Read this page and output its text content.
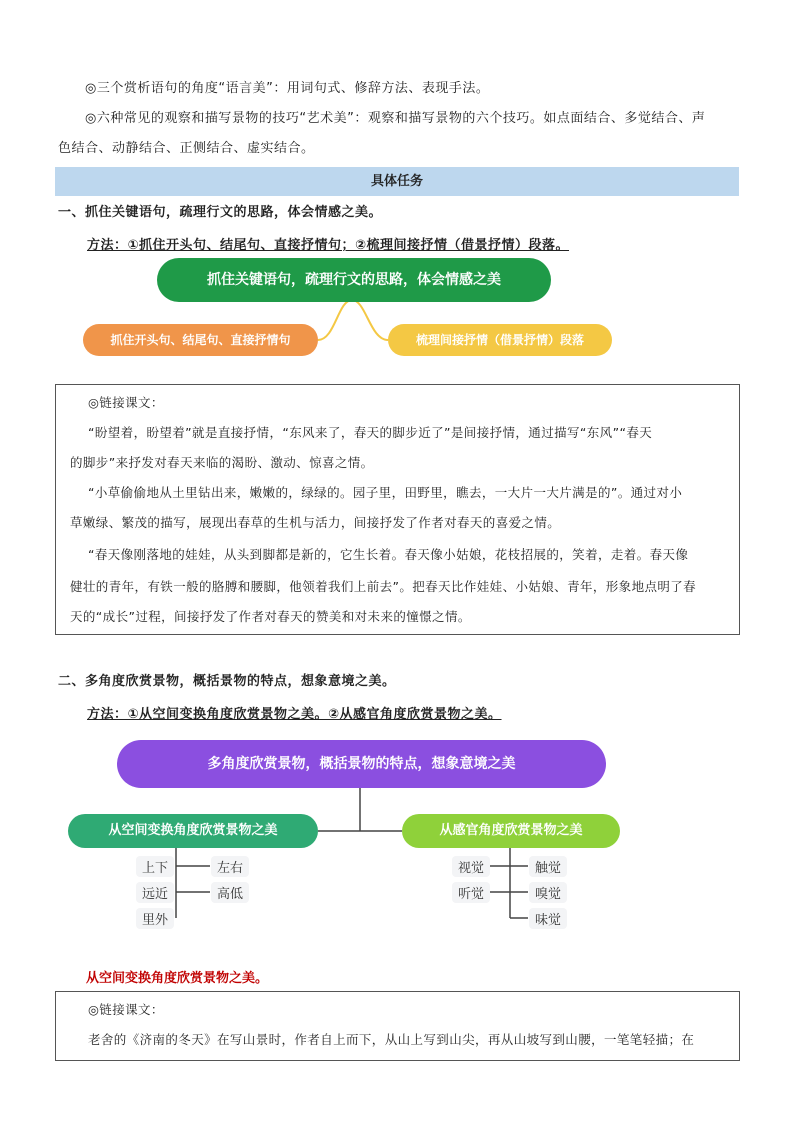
◎三个赏析语句的角度“语言美”：用词句式、修辞方法、表现手法。
◎六种常见的观察和描写景物的技巧“艺术美”：观察和描写景物的六个技巧。如点面结合、多觉结合、声
色结合、动静结合、正侧结合、虚实结合。
具体任务
一、抓住关键语句，疏理行文的思路，体会情感之美。
方法：①抓住开头句、结尾句、直接抒情句；②梳理间接抒情（借景抒情）段落。
抓住关键语句，疏理行文的思路，体会情感之美
抓住开头句、结尾句、直接抒情句	梳理间接抒情（借景抒情）段落
◎链接课文：
“盼望着，盼望着”就是直接抒情，“东风来了，春天的脚步近了”是间接抒情，通过描写“东风”“春天
的脚步”来抒发对春天来临的渴盼、激动、惊喜之情。
“小草偷偷地从土里钻出来，嫩嫩的，绿绿的。园子里，田野里，瞧去，一大片一大片满是的”。通过对小
草嫩绿、繁茂的描写，展现出春草的生机与活力，间接抒发了作者对春天的喜爱之情。
“春天像刚落地的娃娃，从头到脚都是新的，它生长着。春天像小姑娘，花枝招展的，笑着，走着。春天像
健壮的青年，有铁一般的胳膊和腰脚，他领着我们上前去”。把春天比作娃娃、小姑娘、青年，形象地点明了春
天的“成长”过程，间接抒发了作者对春天的赞美和对未来的憧憬之情。
二、多角度欣赏景物，概括景物的特点，想象意境之美。
方法：①从空间变换角度欣赏景物之美。②从感官角度欣赏景物之美。
多角度欣赏景物，概括景物的特点，想象意境之美
从空间变换角度欣赏景物之美	从感官角度欣赏景物之美
上下
远近
里外
左右
高低
视觉
听觉
触觉
嗅觉
味觉
从空间变换角度欣赏景物之美。
◎链接课文：
老舍的《济南的冬天》在写山景时，作者自上而下，从山上写到山尖，再从山坡写到山腰，一笔笔轻描；在
